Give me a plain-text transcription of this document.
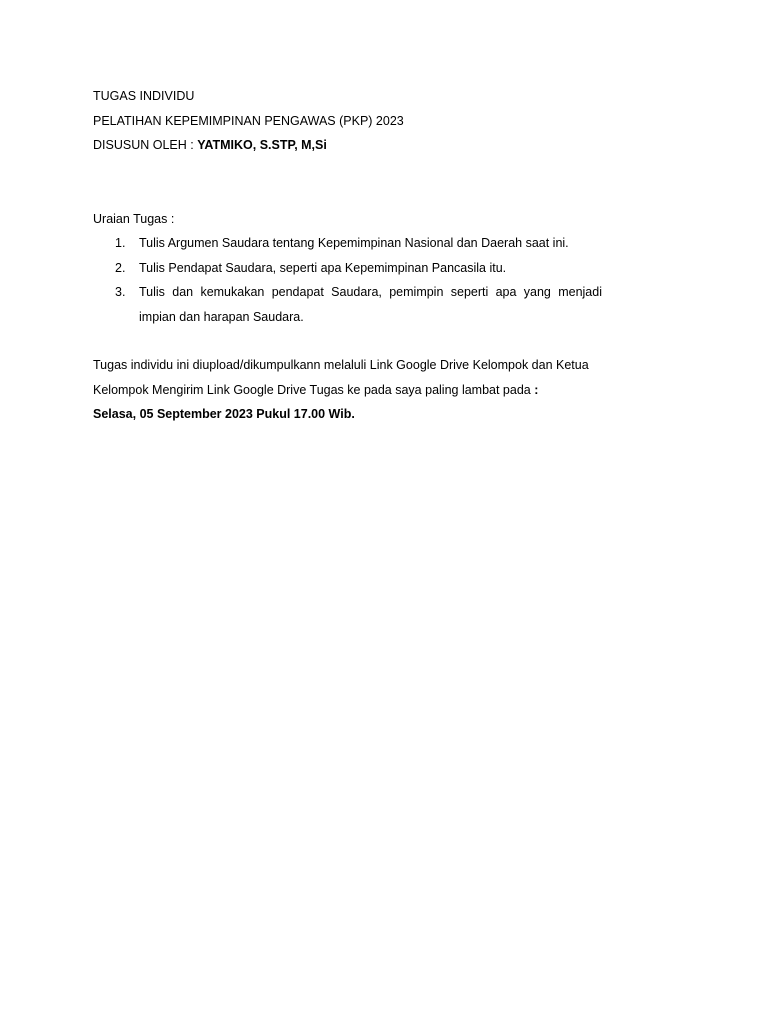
TUGAS INDIVIDU

PELATIHAN KEPEMIMPINAN PENGAWAS (PKP) 2023

DISUSUN OLEH : YATMIKO, S.STP, M,Si

Uraian Tugas :

1.	Tulis Argumen Saudara tentang Kepemimpinan Nasional dan Daerah saat ini.
2.	Tulis Pendapat Saudara, seperti apa Kepemimpinan Pancasila itu.
3.	Tulis dan kemukakan pendapat Saudara, pemimpin seperti apa yang menjadi impian dan harapan Saudara.

Tugas individu ini diupload/dikumpulkann melaluli Link Google Drive Kelompok dan Ketua

Kelompok Mengirim Link Google Drive Tugas ke pada saya paling lambat pada :

Selasa, 05 September 2023 Pukul 17.00 Wib.
